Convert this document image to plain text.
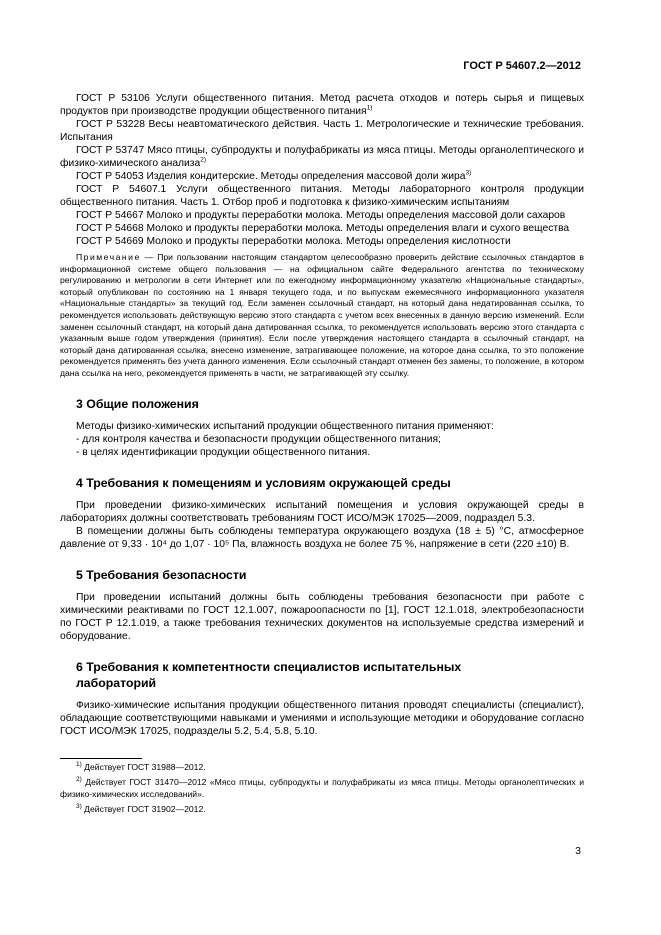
ГОСТ Р 54607.2—2012

ГОСТ Р 53106 Услуги общественного питания. Метод расчета отходов и потерь сырья и пищевых продуктов при производстве продукции общественного питания$^{1)}$

ГОСТ Р 53228 Весы неавтоматического действия. Часть 1. Метрологические и технические требования. Испытания

ГОСТ Р 53747 Мясо птицы, субпродукты и полуфабрикаты из мяса птицы. Методы органолептического и физико-химического анализа$^{2)}$

ГОСТ Р 54053 Изделия кондитерские. Методы определения массовой доли жира$^{3)}$

ГОСТ Р 54607.1 Услуги общественного питания. Методы лабораторного контроля продукции общественного питания. Часть 1. Отбор проб и подготовка к физико-химическим испытаниям

ГОСТ Р 54667 Молоко и продукты переработки молока. Методы определения массовой доли сахаров

ГОСТ Р 54668 Молоко и продукты переработки молока. Методы определения влаги и сухого вещества

ГОСТ Р 54669 Молоко и продукты переработки молока. Методы определения кислотности

Примечание — При пользовании настоящим стандартом целесообразно проверить действие ссылочных стандартов в информационной системе общего пользования — на официальном сайте Федерального агентства по техническому регулированию и метрологии в сети Интернет или по ежегодному информационному указателю «Национальные стандарты», который опубликован по состоянию на 1 января текущего года, и по выпускам ежемесячного информационного указателя «Национальные стандарты» за текущий год. Если заменен ссылочный стандарт, на который дана недатированная ссылка, то рекомендуется использовать действующую версию этого стандарта с учетом всех внесенных в данную версию изменений. Если заменен ссылочный стандарт, на который дана датированная ссылка, то рекомендуется использовать версию этого стандарта с указанным выше годом утверждения (принятия). Если после утверждения настоящего стандарта в ссылочный стандарт, на который дана датированная ссылка, внесено изменение, затрагивающее положение, на которое дана ссылка, то это положение рекомендуется применять без учета данного изменения. Если ссылочный стандарт отменен без замены, то положение, в котором дана ссылка на него, рекомендуется применять в части, не затрагивающей эту ссылку.

3 Общие положения

Методы физико-химических испытаний продукции общественного питания применяют:

- для контроля качества и безопасности продукции общественного питания;

- в целях идентификации продукции общественного питания.

4 Требования к помещениям и условиям окружающей среды

При проведении физико-химических испытаний помещения и условия окружающей среды в лабораториях должны соответствовать требованиям ГОСТ ИСО/МЭК 17025—2009, подраздел 5.3.

В помещении должны быть соблюдены температура окружающего воздуха (18 ± 5) °С, атмосферное давление от 9,33 · 10⁴ до 1,07 · 10⁵ Па, влажность воздуха не более 75 %, напряжение в сети (220 ±10) В.

5 Требования безопасности

При проведении испытаний должны быть соблюдены требования безопасности при работе с химическими реактивами по ГОСТ 12.1.007, пожароопасности по [1], ГОСТ 12.1.018, электробезопасности по ГОСТ Р 12.1.019, а также требования технических документов на используемые средства измерений и оборудование.

6 Требования к компетентности специалистов испытательных
лабораторий

Физико-химические испытания продукции общественного питания проводят специалисты (специалист), обладающие соответствующими навыками и умениями и использующие методики и оборудование согласно ГОСТ ИСО/МЭК 17025, подразделы 5.2, 5.4, 5.8, 5.10.

$^{1)}$ Действует ГОСТ 31988—2012.

$^{2)}$ Действует ГОСТ 31470—2012 «Мясо птицы, субпродукты и полуфабрикаты из мяса птицы. Методы органолептических и физико-химических исследований».

$^{3)}$ Действует ГОСТ 31902—2012.

3
